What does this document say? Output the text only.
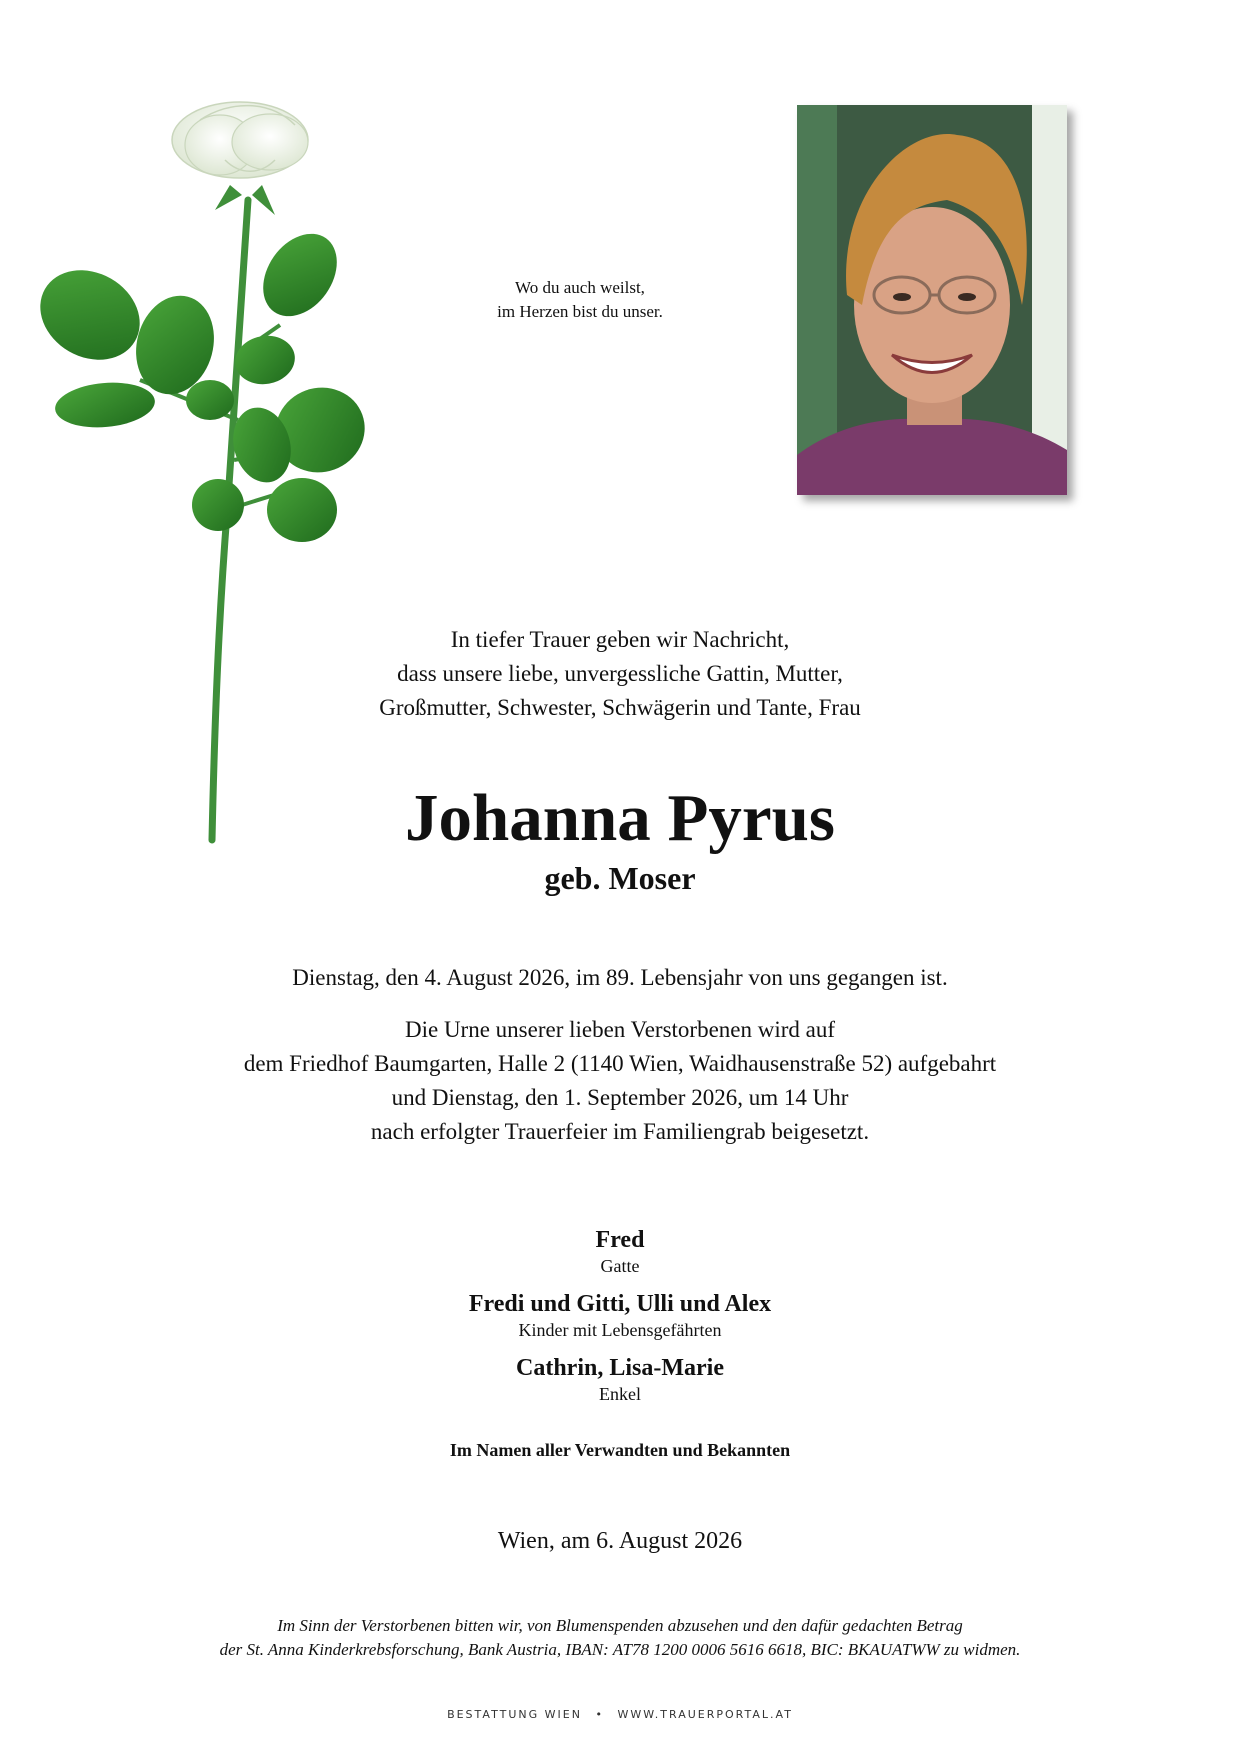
Wo du auch weilst,
im Herzen bist du unser.
In tiefer Trauer geben wir Nachricht,
dass unsere liebe, unvergessliche Gattin, Mutter,
Großmutter, Schwester, Schwägerin und Tante, Frau
Johanna Pyrus
geb. Moser
Dienstag, den 4. August 2026, im 89. Lebensjahr von uns gegangen ist.
Die Urne unserer lieben Verstorbenen wird auf
dem Friedhof Baumgarten, Halle 2 (1140 Wien, Waidhausenstraße 52) aufgebahrt
und Dienstag, den 1. September 2026, um 14 Uhr
nach erfolgter Trauerfeier im Familiengrab beigesetzt.
Fred
Gatte
Fredi und Gitti, Ulli und Alex
Kinder mit Lebensgefährten
Cathrin, Lisa-Marie
Enkel
Im Namen aller Verwandten und Bekannten
Wien, am 6. August 2026
Im Sinn der Verstorbenen bitten wir, von Blumenspenden abzusehen und den dafür gedachten Betrag
der St. Anna Kinderkrebsforschung, Bank Austria, IBAN: AT78 1200 0006 5616 6618, BIC: BKAUATWW zu widmen.
BESTATTUNG WIEN • WWW.TRAUERPORTAL.AT
